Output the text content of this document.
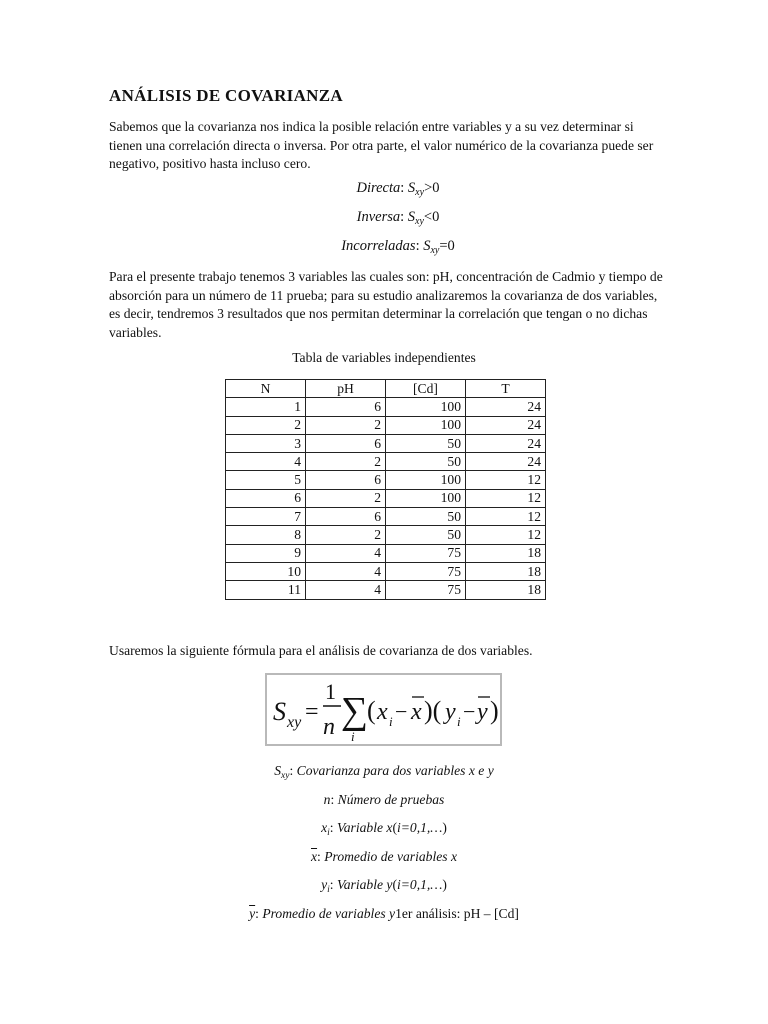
ANÁLISIS DE COVARIANZA

Sabemos que la covarianza nos indica la posible relación entre variables y a su vez determinar si tienen una correlación directa o inversa. Por otra parte, el valor numérico de la covarianza puede ser negativo, positivo hasta incluso cero.

Directa: $S_{xy}>0$
Inversa: $S_{xy}<0$
Incorreladas: $S_{xy}=0$

Para el presente trabajo tenemos 3 variables las cuales son: pH, concentración de Cadmio y tiempo de absorción para un número de 11 prueba; para su estudio analizaremos la covarianza de dos variables, es decir, tendremos 3 resultados que nos permitan determinar la correlación que tengan o no dichas variables.

Tabla de variables independientes
N	pH	[Cd]	T
1	6	100	24
2	2	100	24
3	6	50	24
4	2	50	24
5	6	100	12
6	2	100	12
7	6	50	12
8	2	50	12
9	4	75	18
10	4	75	18
11	4	75	18

Usaremos la siguiente fórmula para el análisis de covarianza de dos variables.

S xy =
1
n ∑
i
( x i − x )( y i − y )
$S_{xy}$: Covarianza para dos variables x e y
n: Número de pruebas
$x_i$: Variable x(i=0,1,…)
$\overline{x}$: Promedio de variables x
$y_i$: Variable y(i=0,1,…)
$\overline{y}$: Promedio de variables y1er análisis: pH – [Cd]
